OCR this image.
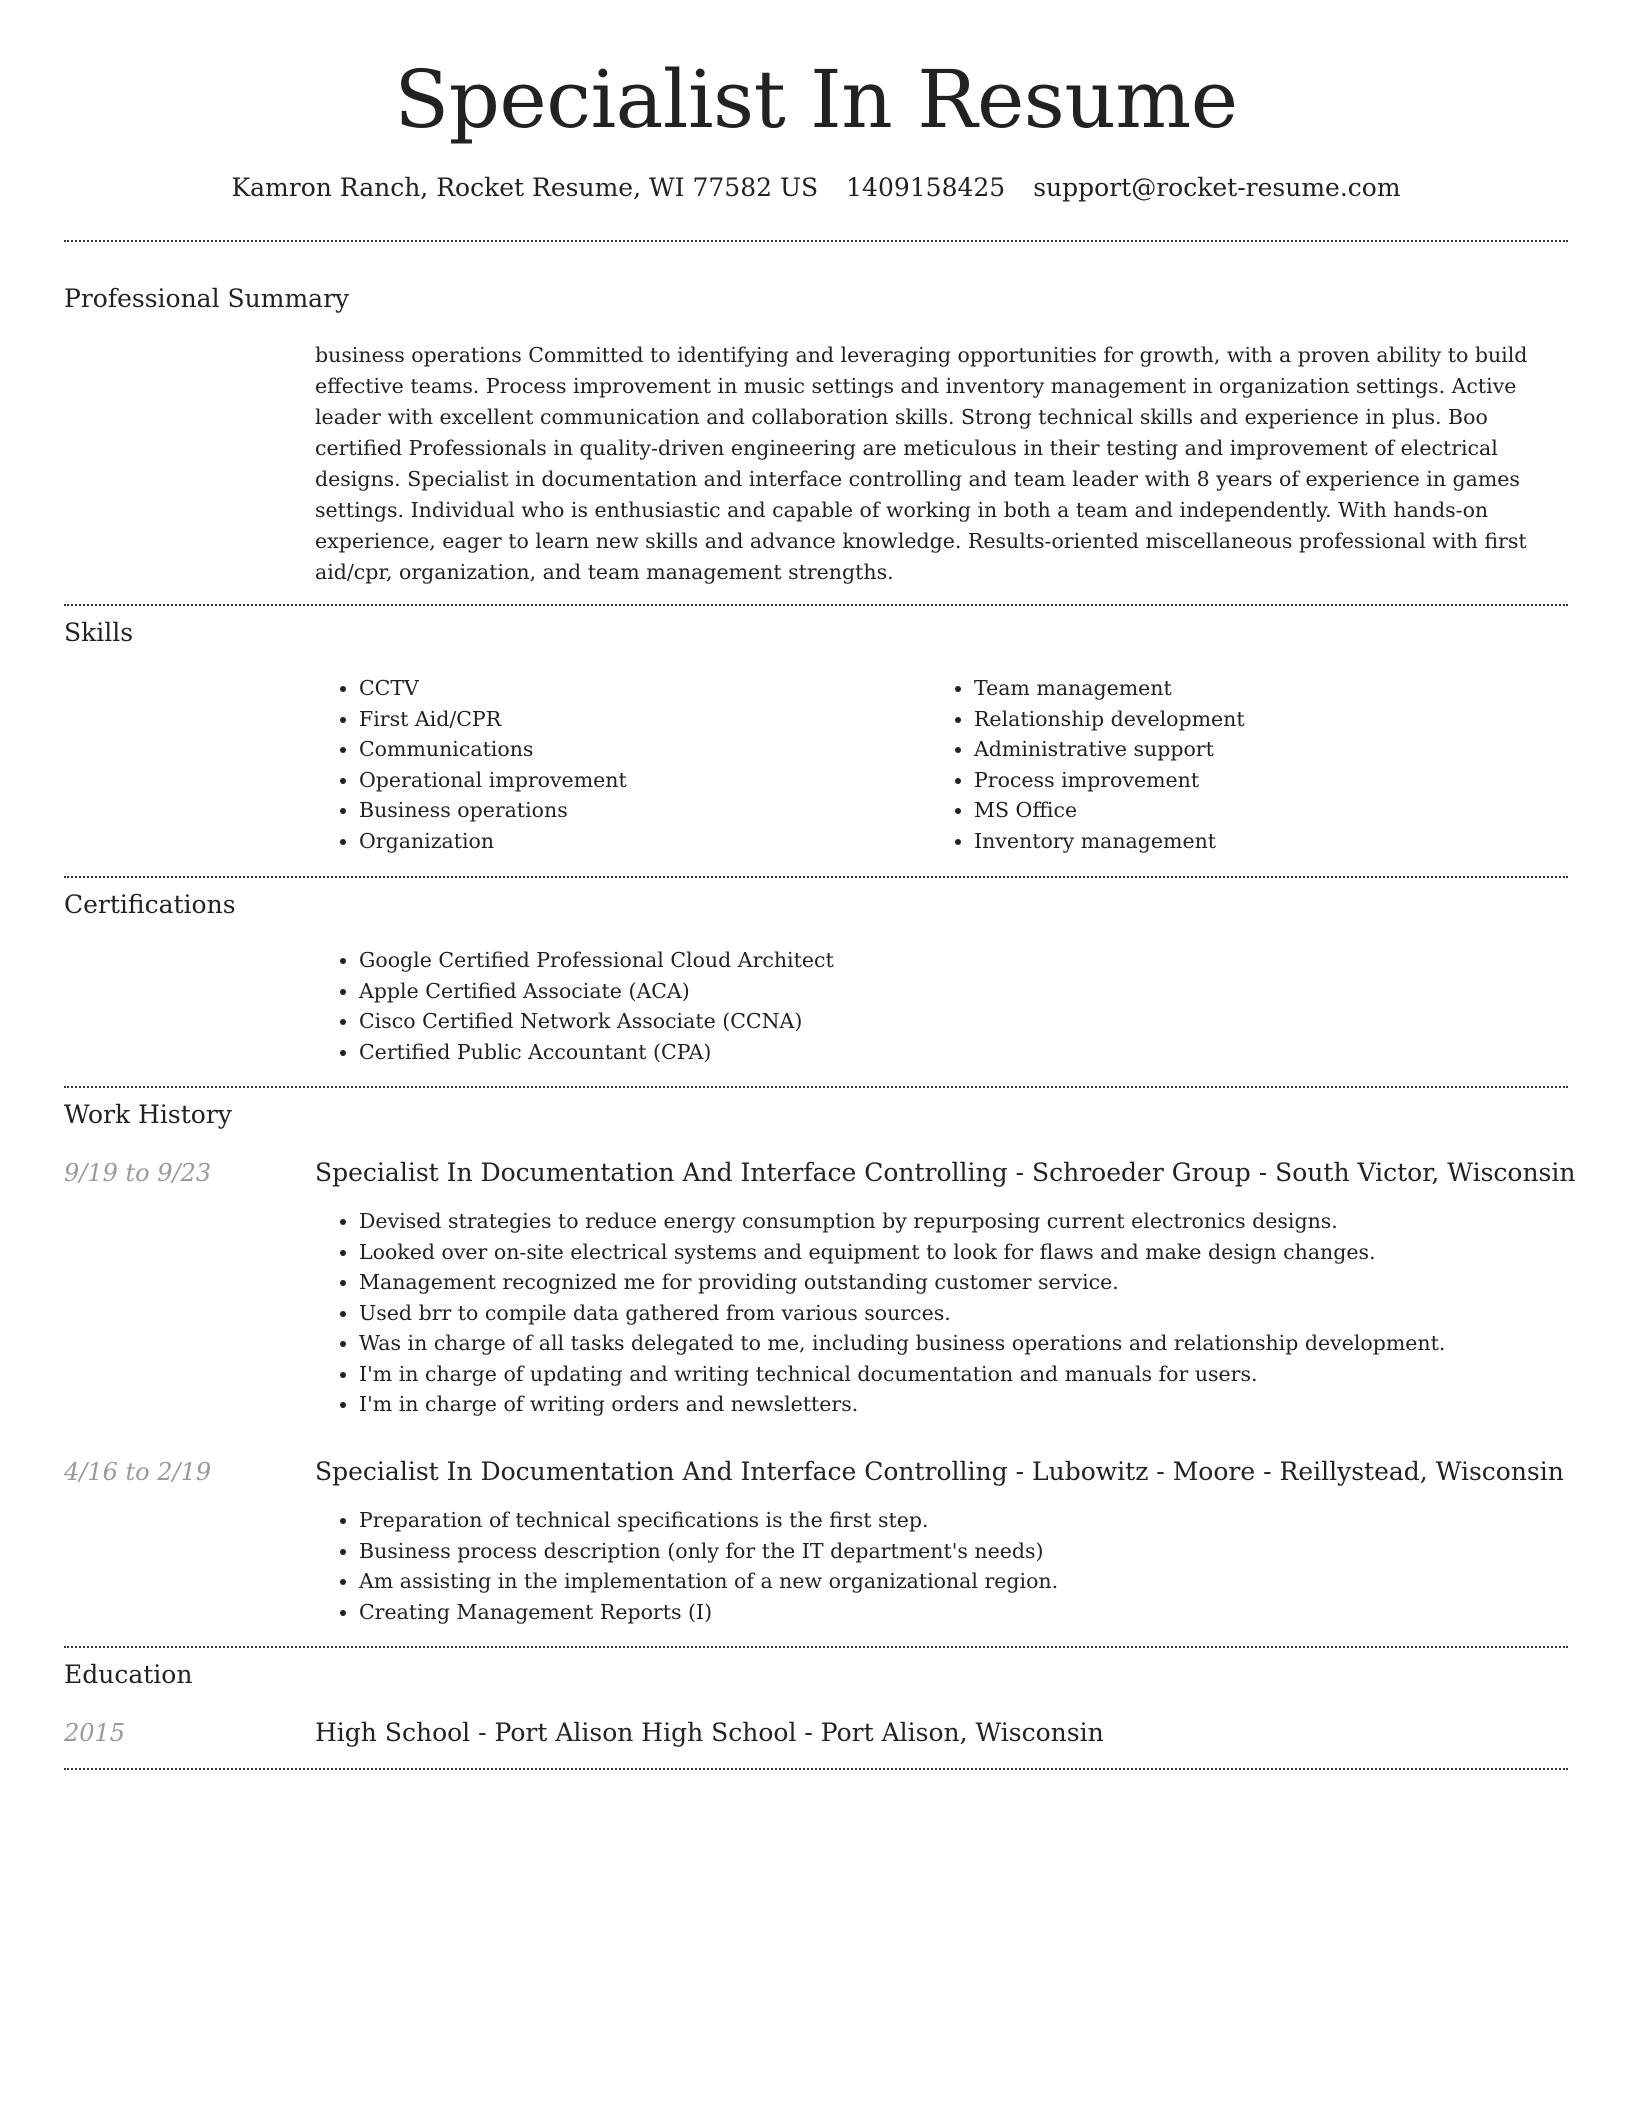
Specialist In Resume
Kamron Ranch, Rocket Resume, WI 77582 US 1409158425 support@rocket-resume.com
Professional Summary

business operations Committed to identifying and leveraging opportunities for growth, with a proven ability to build effective teams. Process improvement in music settings and inventory management in organization settings. Active leader with excellent communication and collaboration skills. Strong technical skills and experience in plus. Boo certified Professionals in quality-driven engineering are meticulous in their testing and improvement of electrical designs. Specialist in documentation and interface controlling and team leader with 8 years of experience in games settings. Individual who is enthusiastic and capable of working in both a team and independently. With hands-on experience, eager to learn new skills and advance knowledge. Results-oriented miscellaneous professional with first aid/cpr, organization, and team management strengths.

Skills
• CCTV
• First Aid/CPR
• Communications
• Operational improvement
• Business operations
• Organization
• Team management
• Relationship development
• Administrative support
• Process improvement
• MS Office
• Inventory management
Certifications
• Google Certified Professional Cloud Architect
• Apple Certified Associate (ACA)
• Cisco Certified Network Associate (CCNA)
• Certified Public Accountant (CPA)
Work History
9/19 to 9/23	Specialist In Documentation And Interface Controlling - Schroeder Group - South Victor, Wisconsin
• Devised strategies to reduce energy consumption by repurposing current electronics designs.
• Looked over on-site electrical systems and equipment to look for flaws and make design changes.
• Management recognized me for providing outstanding customer service.
• Used brr to compile data gathered from various sources.
• Was in charge of all tasks delegated to me, including business operations and relationship development.
• I'm in charge of updating and writing technical documentation and manuals for users.
• I'm in charge of writing orders and newsletters.
4/16 to 2/19	Specialist In Documentation And Interface Controlling - Lubowitz - Moore - Reillystead, Wisconsin
• Preparation of technical specifications is the first step.
• Business process description (only for the IT department's needs)
• Am assisting in the implementation of a new organizational region.
• Creating Management Reports (I)
Education
2015	High School - Port Alison High School - Port Alison, Wisconsin
